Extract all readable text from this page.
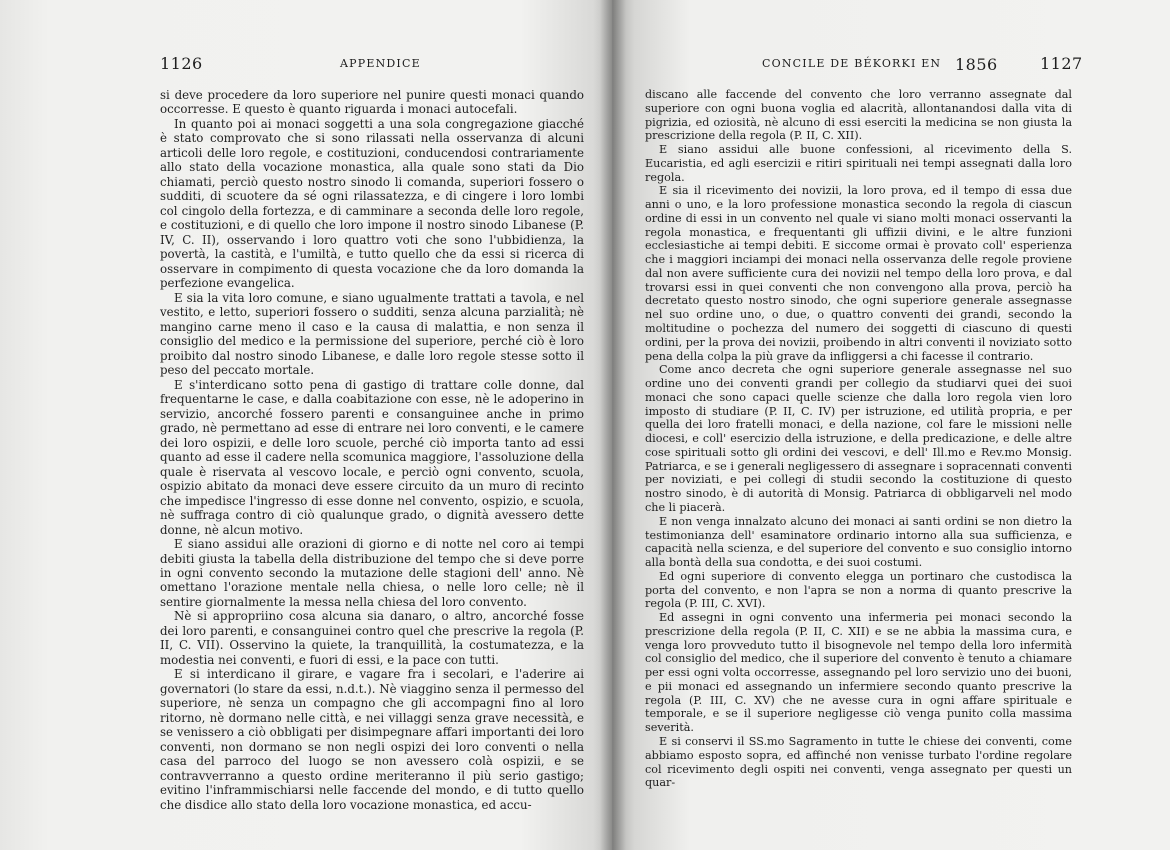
1126	APPENDICE

si deve procedere da loro superiore nel punire questi monaci quando occorresse. E questo è quanto riguarda i monaci autocefali.

In quanto poi ai monaci soggetti a una sola congregazione giacché è stato comprovato che si sono rilassati nella osservanza di alcuni articoli delle loro regole, e costituzioni, conducendosi contrariamente allo stato della vocazione monastica, alla quale sono stati da Dio chiamati, perciò questo nostro sinodo li comanda, superiori fossero o sudditi, di scuotere da sé ogni rilassatezza, e di cingere i loro lombi col cingolo della fortezza, e di camminare a seconda delle loro regole, e costituzioni, e di quello che loro impone il nostro sinodo Libanese (P. IV, C. II), osservando i loro quattro voti che sono l'ubbidienza, la povertà, la castità, e l'umiltà, e tutto quello che da essi si ricerca di osservare in compimento di questa vocazione che da loro domanda la perfezione evangelica.

E sia la vita loro comune, e siano ugualmente trattati a tavola, e nel vestito, e letto, superiori fossero o sudditi, senza alcuna parzialità; nè mangino carne meno il caso e la causa di malattia, e non senza il consiglio del medico e la permissione del superiore, perché ciò è loro proibito dal nostro sinodo Libanese, e dalle loro regole stesse sotto il peso del peccato mortale.

E s'interdicano sotto pena di gastigo di trattare colle donne, dal frequentarne le case, e dalla coabitazione con esse, nè le adoperino in servizio, ancorché fossero parenti e consanguinee anche in primo grado, nè permettano ad esse di entrare nei loro conventi, e le camere dei loro ospizii, e delle loro scuole, perché ciò importa tanto ad essi quanto ad esse il cadere nella scomunica maggiore, l'assoluzione della quale è riservata al vescovo locale, e perciò ogni convento, scuola, ospizio abitato da monaci deve essere circuito da un muro di recinto che impedisce l'ingresso di esse donne nel convento, ospizio, e scuola, nè suffraga contro di ciò qualunque grado, o dignità avessero dette donne, nè alcun motivo.

E siano assidui alle orazioni di giorno e di notte nel coro ai tempi debiti giusta la tabella della distribuzione del tempo che si deve porre in ogni convento secondo la mutazione delle stagioni dell' anno. Nè omettano l'orazione mentale nella chiesa, o nelle loro celle; nè il sentire giornalmente la messa nella chiesa del loro convento.

Nè si appropriino cosa alcuna sia danaro, o altro, ancorché fosse dei loro parenti, e consanguinei contro quel che prescrive la regola (P. II, C. VII). Osservino la quiete, la tranquillità, la costumatezza, e la modestia nei conventi, e fuori di essi, e la pace con tutti.

E si interdicano il girare, e vagare fra i secolari, e l'aderire ai governatori (lo stare da essi, n.d.t.). Nè viaggino senza il permesso del superiore, nè senza un compagno che gli accompagni fino al loro ritorno, nè dormano nelle città, e nei villaggi senza grave necessità, e se venissero a ciò obbligati per disimpegnare affari importanti dei loro conventi, non dormano se non negli ospizi dei loro conventi o nella casa del parroco del luogo se non avessero colà ospizii, e se contravverranno a questo ordine meriteranno il più serio gastigo; evitino l'inframmischiarsi nelle faccende del mondo, e di tutto quello che disdice allo stato della loro vocazione monastica, ed accu-

CONCILE DE BÉKORKI EN 1856	1127

discano alle faccende del convento che loro verranno assegnate dal superiore con ogni buona voglia ed alacrità, allontanandosi dalla vita di pigrizia, ed oziosità, nè alcuno di essi eserciti la medicina se non giusta la prescrizione della regola (P. II, C. XII).

E siano assidui alle buone confessioni, al ricevimento della S. Eucaristia, ed agli esercizii e ritiri spirituali nei tempi assegnati dalla loro regola.

E sia il ricevimento dei novizii, la loro prova, ed il tempo di essa due anni o uno, e la loro professione monastica secondo la regola di ciascun ordine di essi in un convento nel quale vi siano molti monaci osservanti la regola monastica, e frequentanti gli uffizii divini, e le altre funzioni ecclesiastiche ai tempi debiti. E siccome ormai è provato coll' esperienza che i maggiori inciampi dei monaci nella osservanza delle regole proviene dal non avere sufficiente cura dei novizii nel tempo della loro prova, e dal trovarsi essi in quei conventi che non convengono alla prova, perciò ha decretato questo nostro sinodo, che ogni superiore generale assegnasse nel suo ordine uno, o due, o quattro conventi dei grandi, secondo la moltitudine o pochezza del numero dei soggetti di ciascuno di questi ordini, per la prova dei novizii, proibendo in altri conventi il noviziato sotto pena della colpa la più grave da infliggersi a chi facesse il contrario.

Come anco decreta che ogni superiore generale assegnasse nel suo ordine uno dei conventi grandi per collegio da studiarvi quei dei suoi monaci che sono capaci quelle scienze che dalla loro regola vien loro imposto di studiare (P. II, C. IV) per istruzione, ed utilità propria, e per quella dei loro fratelli monaci, e della nazione, col fare le missioni nelle diocesi, e coll' esercizio della istruzione, e della predicazione, e delle altre cose spirituali sotto gli ordini dei vescovi, e dell' Ill.mo e Rev.mo Monsig. Patriarca, e se i generali negligessero di assegnare i sopracennati conventi per noviziati, e pei collegi di studii secondo la costituzione di questo nostro sinodo, è di autorità di Monsig. Patriarca di obbligarveli nel modo che li piacerà.

E non venga innalzato alcuno dei monaci ai santi ordini se non dietro la testimonianza dell' esaminatore ordinario intorno alla sua sufficienza, e capacità nella scienza, e del superiore del convento e suo consiglio intorno alla bontà della sua condotta, e dei suoi costumi.

Ed ogni superiore di convento elegga un portinaro che custodisca la porta del convento, e non l'apra se non a norma di quanto prescrive la regola (P. III, C. XVI).

Ed assegni in ogni convento una infermeria pei monaci secondo la prescrizione della regola (P. II, C. XII) e se ne abbia la massima cura, e venga loro provveduto tutto il bisognevole nel tempo della loro infermità col consiglio del medico, che il superiore del convento è tenuto a chiamare per essi ogni volta occorresse, assegnando pel loro servizio uno dei buoni, e pii monaci ed assegnando un infermiere secondo quanto prescrive la regola (P. III, C. XV) che ne avesse cura in ogni affare spirituale e temporale, e se il superiore negligesse ciò venga punito colla massima severità.

E si conservi il SS.mo Sagramento in tutte le chiese dei conventi, come abbiamo esposto sopra, ed affinché non venisse turbato l'ordine regolare col ricevimento degli ospiti nei conventi, venga assegnato per questi un quar-
